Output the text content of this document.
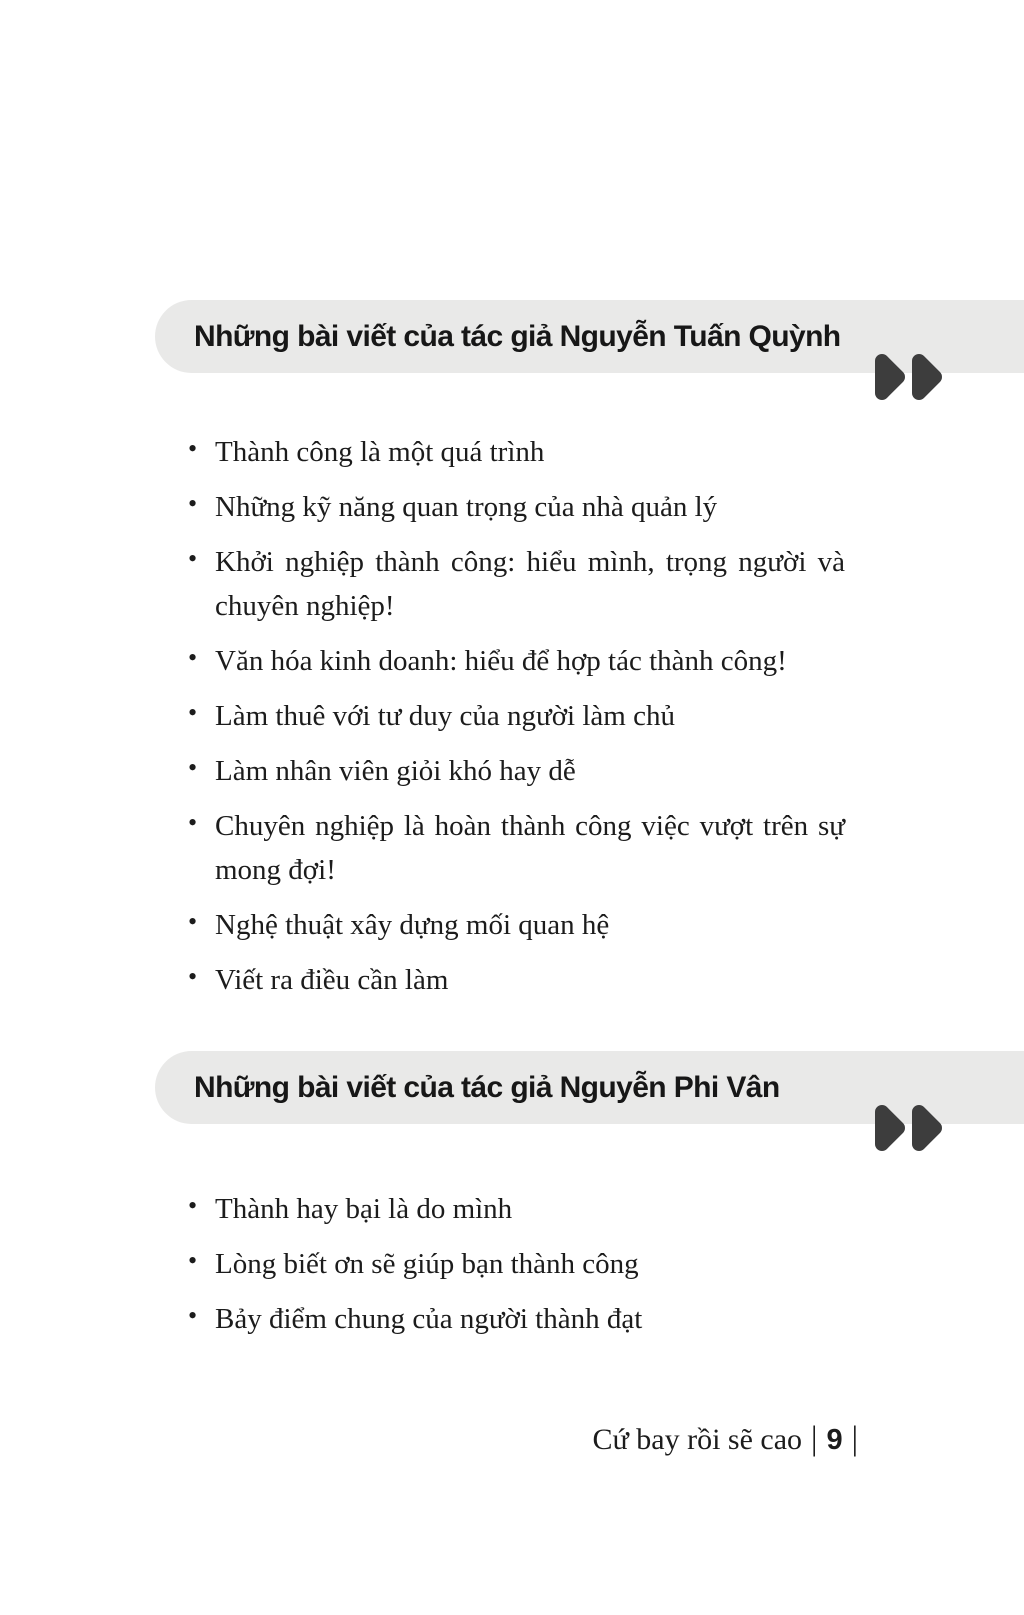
Những bài viết của tác giả Nguyễn Tuấn Quỳnh
• Thành công là một quá trình
• Những kỹ năng quan trọng của nhà quản lý
• Khởi nghiệp thành công: hiểu mình, trọng người và chuyên nghiệp!
• Văn hóa kinh doanh: hiểu để hợp tác thành công!
• Làm thuê với tư duy của người làm chủ
• Làm nhân viên giỏi khó hay dễ
• Chuyên nghiệp là hoàn thành công việc vượt trên sự mong đợi!
• Nghệ thuật xây dựng mối quan hệ
• Viết ra điều cần làm
Những bài viết của tác giả Nguyễn Phi Vân
• Thành hay bại là do mình
• Lòng biết ơn sẽ giúp bạn thành công
• Bảy điểm chung của người thành đạt
Cứ bay rồi sẽ cao | 9 |
